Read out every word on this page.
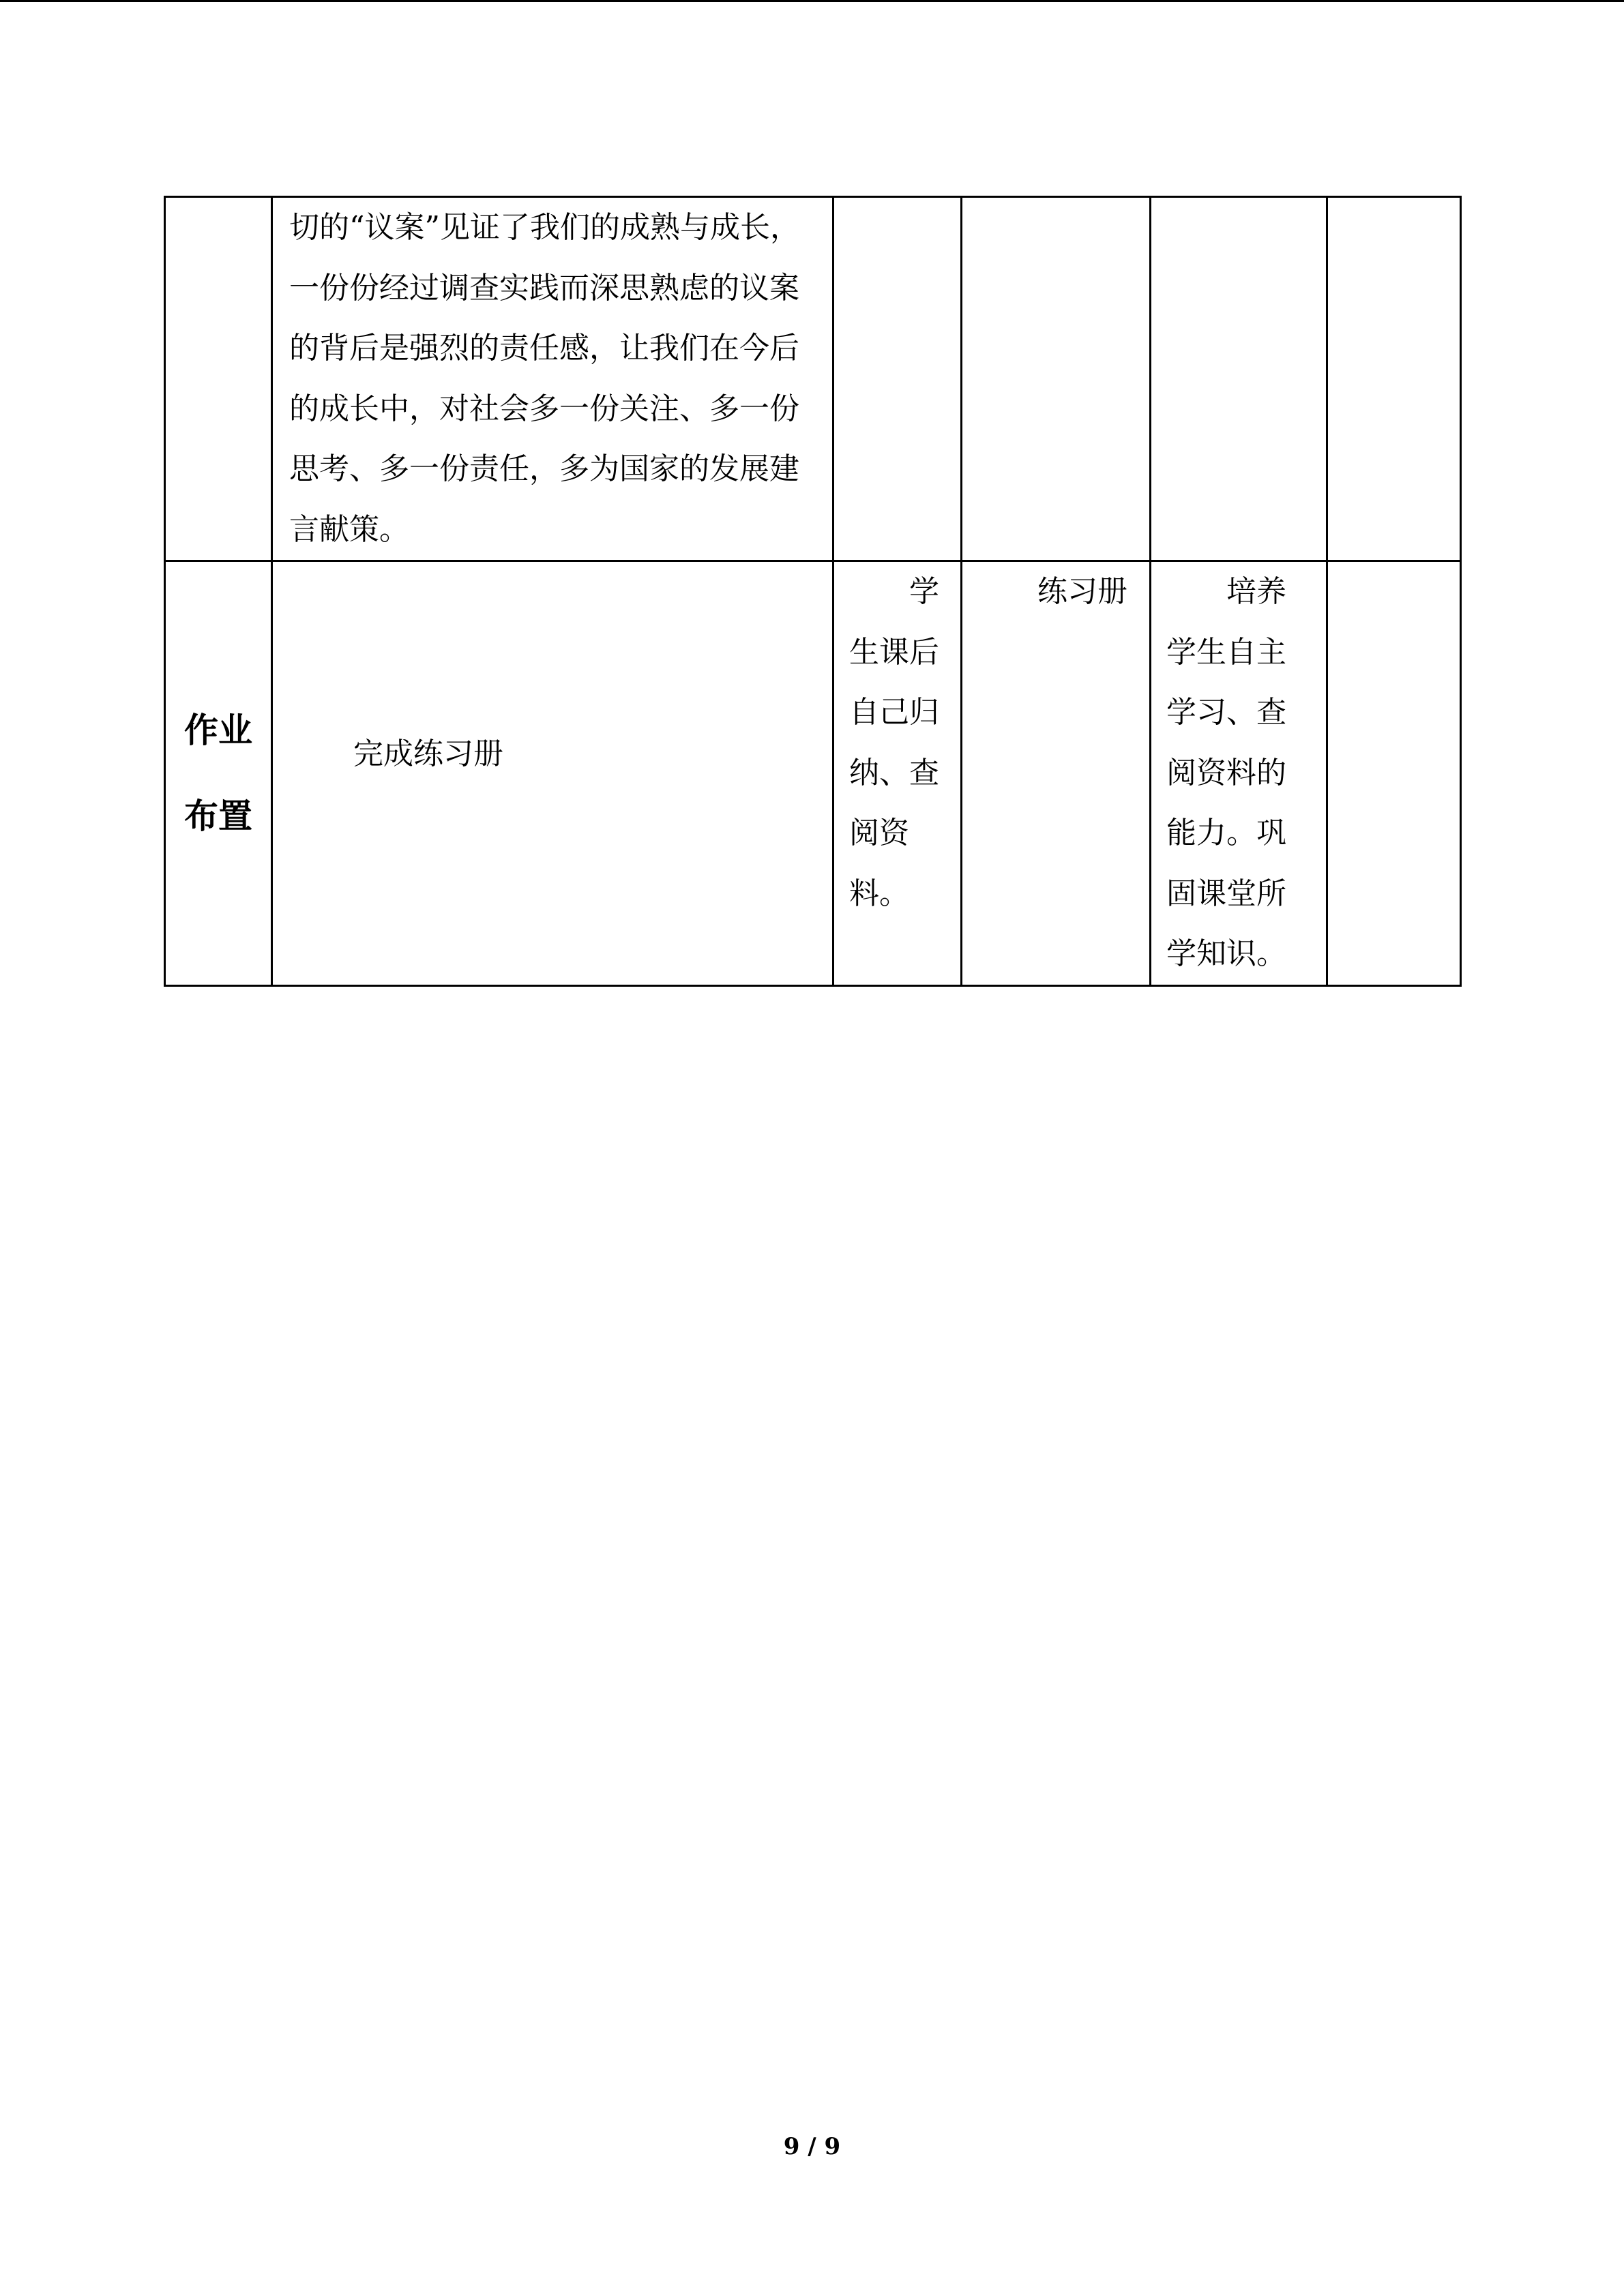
	切的“议案”见证了我们的成熟与成长，一份份经过调查实践而深思熟虑的议案的背后是强烈的责任感，让我们在今后的成长中，对社会多一份关注、多一份思考、多一份责任，多为国家的发展建言献策。				

作业
布置	完成练习册	　　学生课后自己归纳、查阅资料。	　　练习册	　　培养学生自主学习、查阅资料的能力。巩固课堂所学知识。	

9 / 9
